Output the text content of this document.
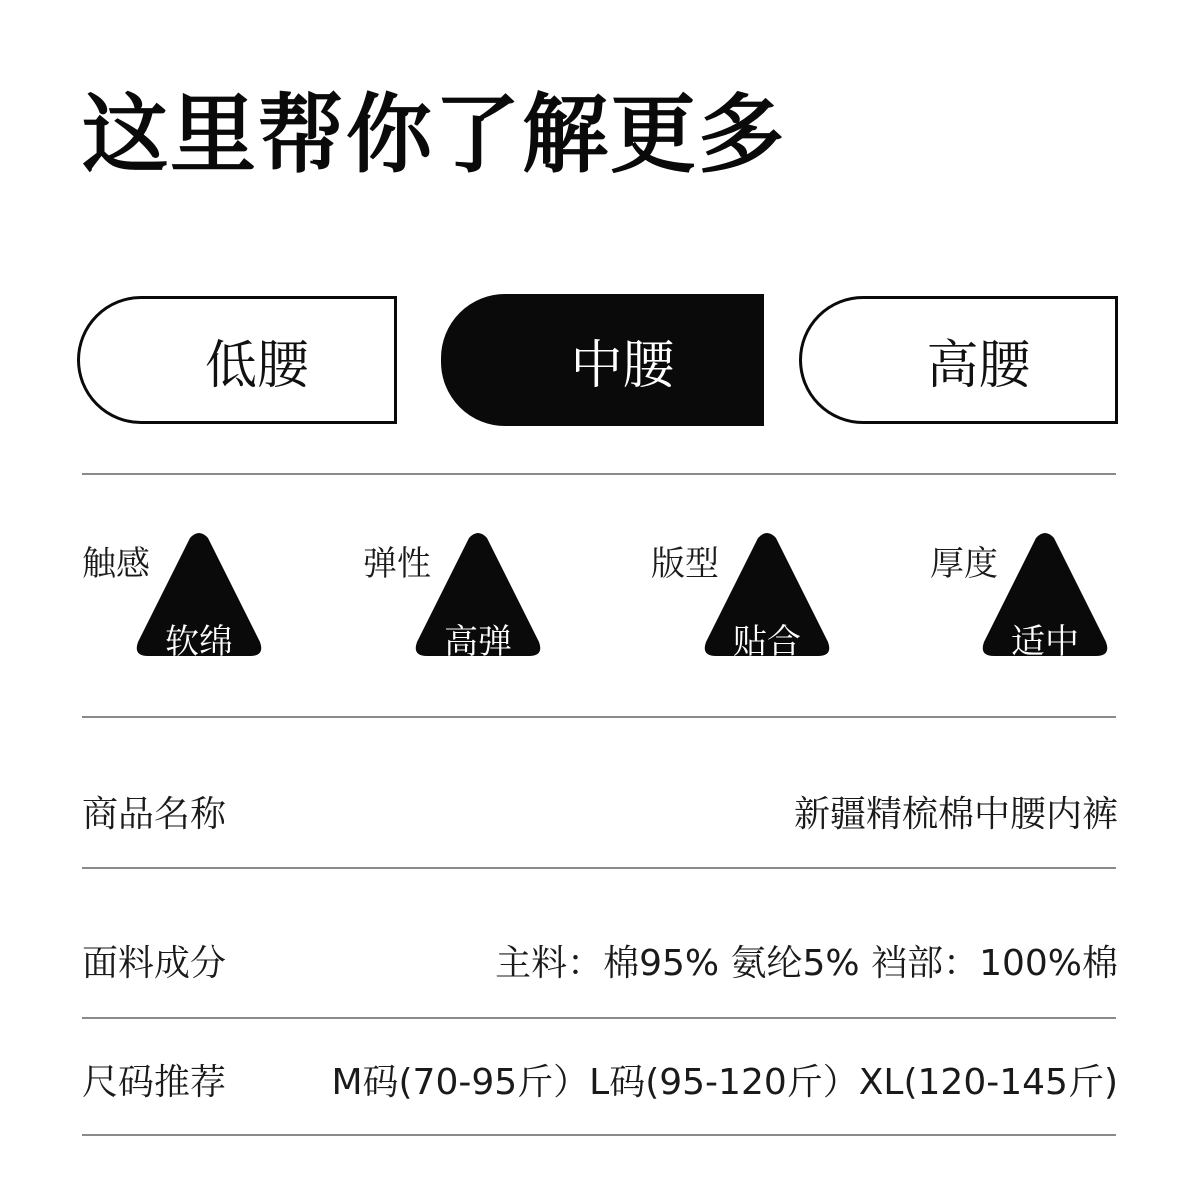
这里帮你了解更多
低腰	中腰	高腰
触感
软绵
弹性
高弹
版型
贴合
厚度
适中
商品名称	新疆精梳棉中腰内裤
面料成分	主料：棉95% 氨纶5% 裆部：100%棉
尺码推荐	M码(70-95斤）L码(95-120斤）XL(120-145斤)
